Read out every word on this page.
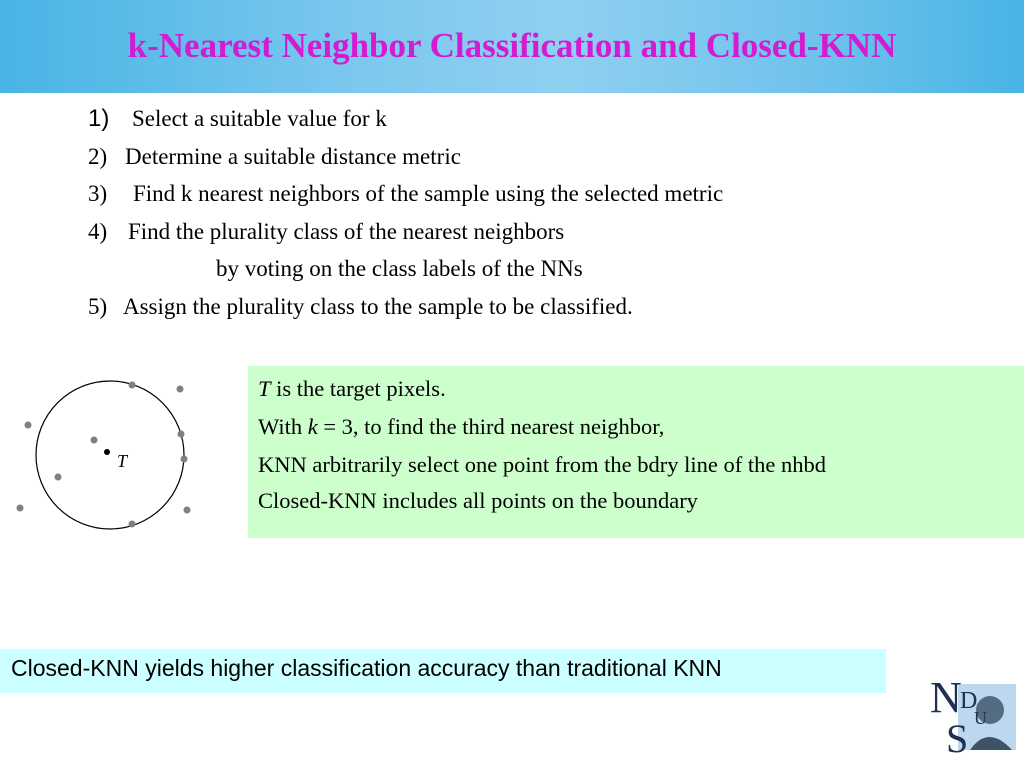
k-Nearest Neighbor Classification and Closed-KNN
1) Select a suitable value for k
2) Determine a suitable distance metric
3) Find k nearest neighbors of the sample using the selected metric
4) Find the plurality class of the nearest neighbors
by voting on the class labels of the NNs
5) Assign the plurality class to the sample to be classified.
T
T is the target pixels.
With k = 3, to find the third nearest neighbor,
KNN arbitrarily select one point from the bdry line of the nhbd
Closed-KNN includes all points on the boundary
Closed-KNN yields higher classification accuracy than traditional KNN
N
D
S U
